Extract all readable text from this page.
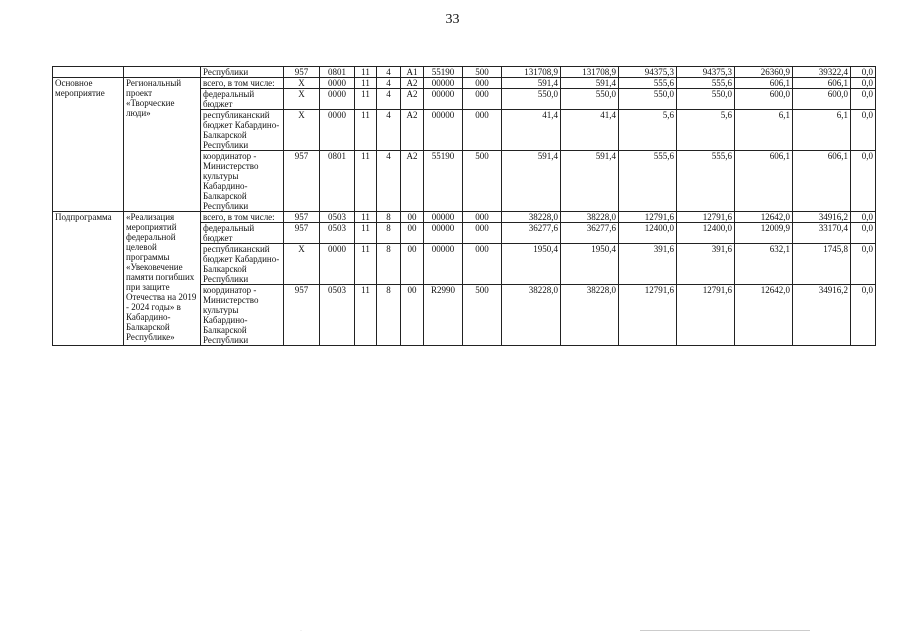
33
		Республики	957	0801	11	4	А1	55190	500	131708,9	131708,9	94375,3	94375,3	26360,9	39322,4	0,0
Основное мероприятие	Региональный проект «Творческие люди»	всего, в том числе:	Х	0000	11	4	А2	00000	000	591,4	591,4	555,6	555,6	606,1	606,1	0,0
		федеральный бюджет	Х	0000	11	4	А2	00000	000	550,0	550,0	550,0	550,0	600,0	600,0	0,0
		республиканский бюджет Кабардино-Балкарской Республики	Х	0000	11	4	А2	00000	000	41,4	41,4	5,6	5,6	6,1	6,1	0,0
		координатор - Министерство культуры Кабардино-Балкарской Республики	957	0801	11	4	А2	55190	500	591,4	591,4	555,6	555,6	606,1	606,1	0,0
Подпрограмма	«Реализация мероприятий федеральной целевой программы «Увековечение памяти погибших при защите Отечества на 2019 - 2024 годы» в Кабардино-Балкарской Республике»	всего, в том числе:	957	0503	11	8	00	00000	000	38228,0	38228,0	12791,6	12791,6	12642,0	34916,2	0,0
		федеральный бюджет	957	0503	11	8	00	00000	000	36277,6	36277,6	12400,0	12400,0	12009,9	33170,4	0,0
		республиканский бюджет Кабардино-Балкарской Республики	Х	0000	11	8	00	00000	000	1950,4	1950,4	391,6	391,6	632,1	1745,8	0,0
		координатор - Министерство культуры Кабардино-Балкарской Республики	957	0503	11	8	00	R2990	500	38228,0	38228,0	12791,6	12791,6	12642,0	34916,2	0,0
·
